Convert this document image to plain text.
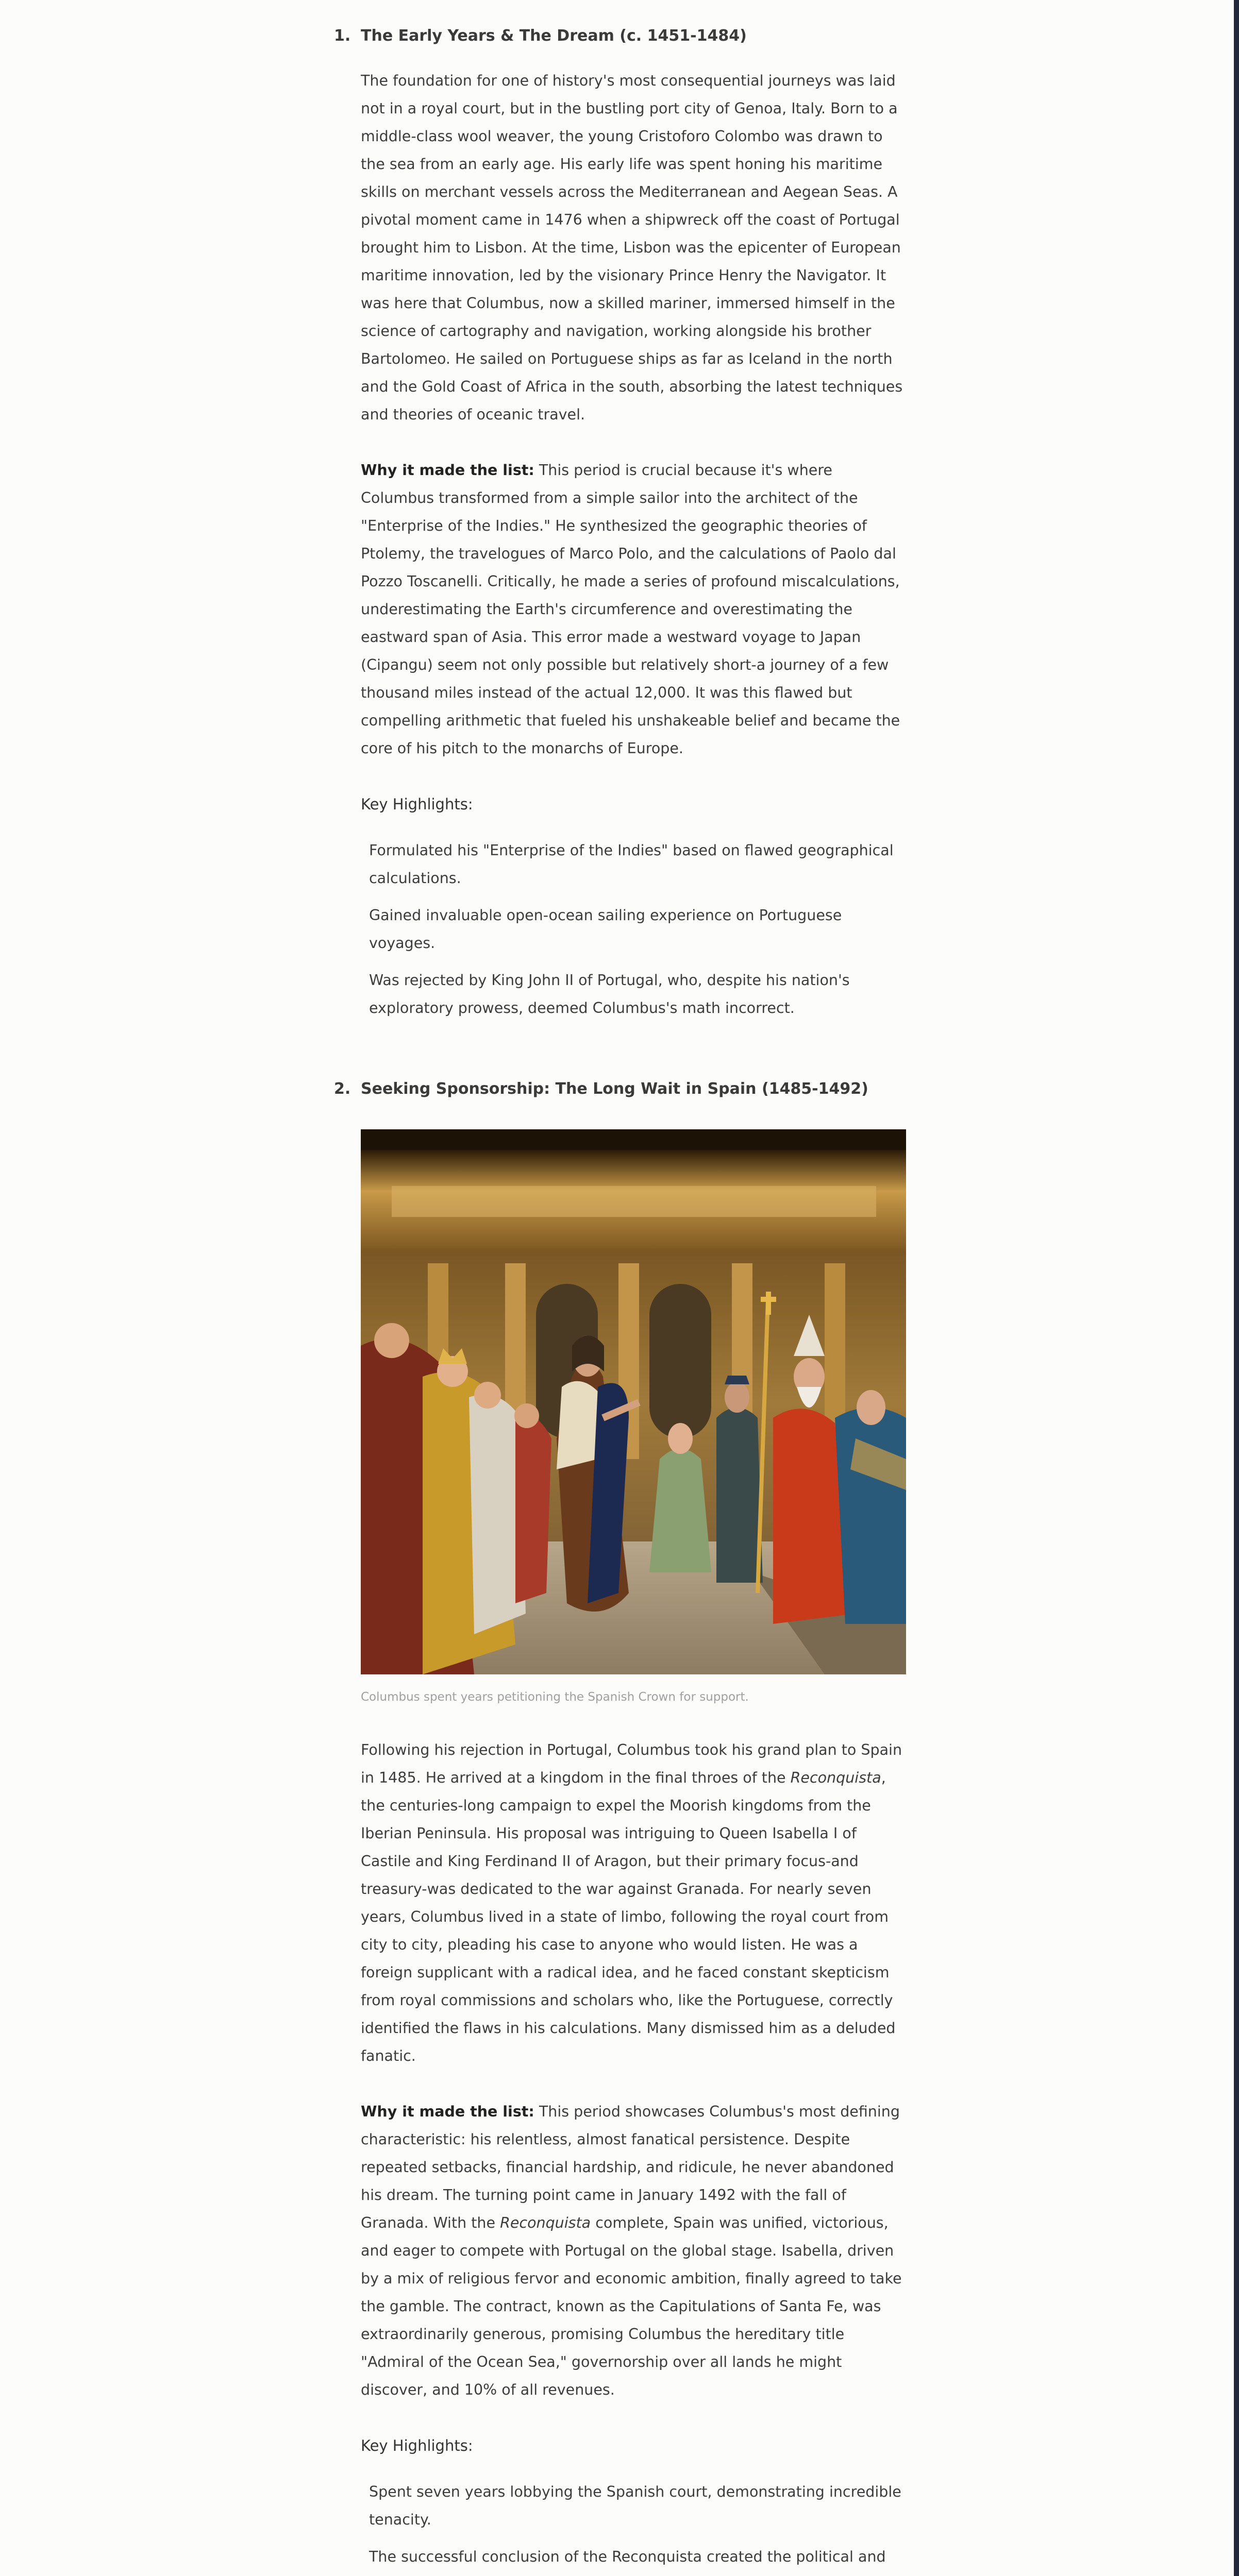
1. The Early Years & The Dream (c. 1451-1484)

The foundation for one of history's most consequential journeys was laid not in a royal court, but in the bustling port city of Genoa, Italy. Born to a middle-class wool weaver, the young Cristoforo Colombo was drawn to the sea from an early age. His early life was spent honing his maritime skills on merchant vessels across the Mediterranean and Aegean Seas. A pivotal moment came in 1476 when a shipwreck off the coast of Portugal brought him to Lisbon. At the time, Lisbon was the epicenter of European maritime innovation, led by the visionary Prince Henry the Navigator. It was here that Columbus, now a skilled mariner, immersed himself in the science of cartography and navigation, working alongside his brother Bartolomeo. He sailed on Portuguese ships as far as Iceland in the north and the Gold Coast of Africa in the south, absorbing the latest techniques and theories of oceanic travel.

Why it made the list: This period is crucial because it's where Columbus transformed from a simple sailor into the architect of the "Enterprise of the Indies." He synthesized the geographic theories of Ptolemy, the travelogues of Marco Polo, and the calculations of Paolo dal Pozzo Toscanelli. Critically, he made a series of profound miscalculations, underestimating the Earth's circumference and overestimating the eastward span of Asia. This error made a westward voyage to Japan (Cipangu) seem not only possible but relatively short-a journey of a few thousand miles instead of the actual 12,000. It was this flawed but compelling arithmetic that fueled his unshakeable belief and became the core of his pitch to the monarchs of Europe.

Key Highlights:
Formulated his "Enterprise of the Indies" based on flawed geographical calculations.
Gained invaluable open-ocean sailing experience on Portuguese voyages.
Was rejected by King John II of Portugal, who, despite his nation's exploratory prowess, deemed Columbus's math incorrect.
2. Seeking Sponsorship: The Long Wait in Spain (1485-1492)
Columbus spent years petitioning the Spanish Crown for support.

Following his rejection in Portugal, Columbus took his grand plan to Spain in 1485. He arrived at a kingdom in the final throes of the Reconquista, the centuries-long campaign to expel the Moorish kingdoms from the Iberian Peninsula. His proposal was intriguing to Queen Isabella I of Castile and King Ferdinand II of Aragon, but their primary focus-and treasury-was dedicated to the war against Granada. For nearly seven years, Columbus lived in a state of limbo, following the royal court from city to city, pleading his case to anyone who would listen. He was a foreign supplicant with a radical idea, and he faced constant skepticism from royal commissions and scholars who, like the Portuguese, correctly identified the flaws in his calculations. Many dismissed him as a deluded fanatic.

Why it made the list: This period showcases Columbus's most defining characteristic: his relentless, almost fanatical persistence. Despite repeated setbacks, financial hardship, and ridicule, he never abandoned his dream. The turning point came in January 1492 with the fall of Granada. With the Reconquista complete, Spain was unified, victorious, and eager to compete with Portugal on the global stage. Isabella, driven by a mix of religious fervor and economic ambition, finally agreed to take the gamble. The contract, known as the Capitulations of Santa Fe, was extraordinarily generous, promising Columbus the hereditary title "Admiral of the Ocean Sea," governorship over all lands he might discover, and 10% of all revenues.

Key Highlights:
Spent seven years lobbying the Spanish court, demonstrating incredible tenacity.
The successful conclusion of the Reconquista created the political and
